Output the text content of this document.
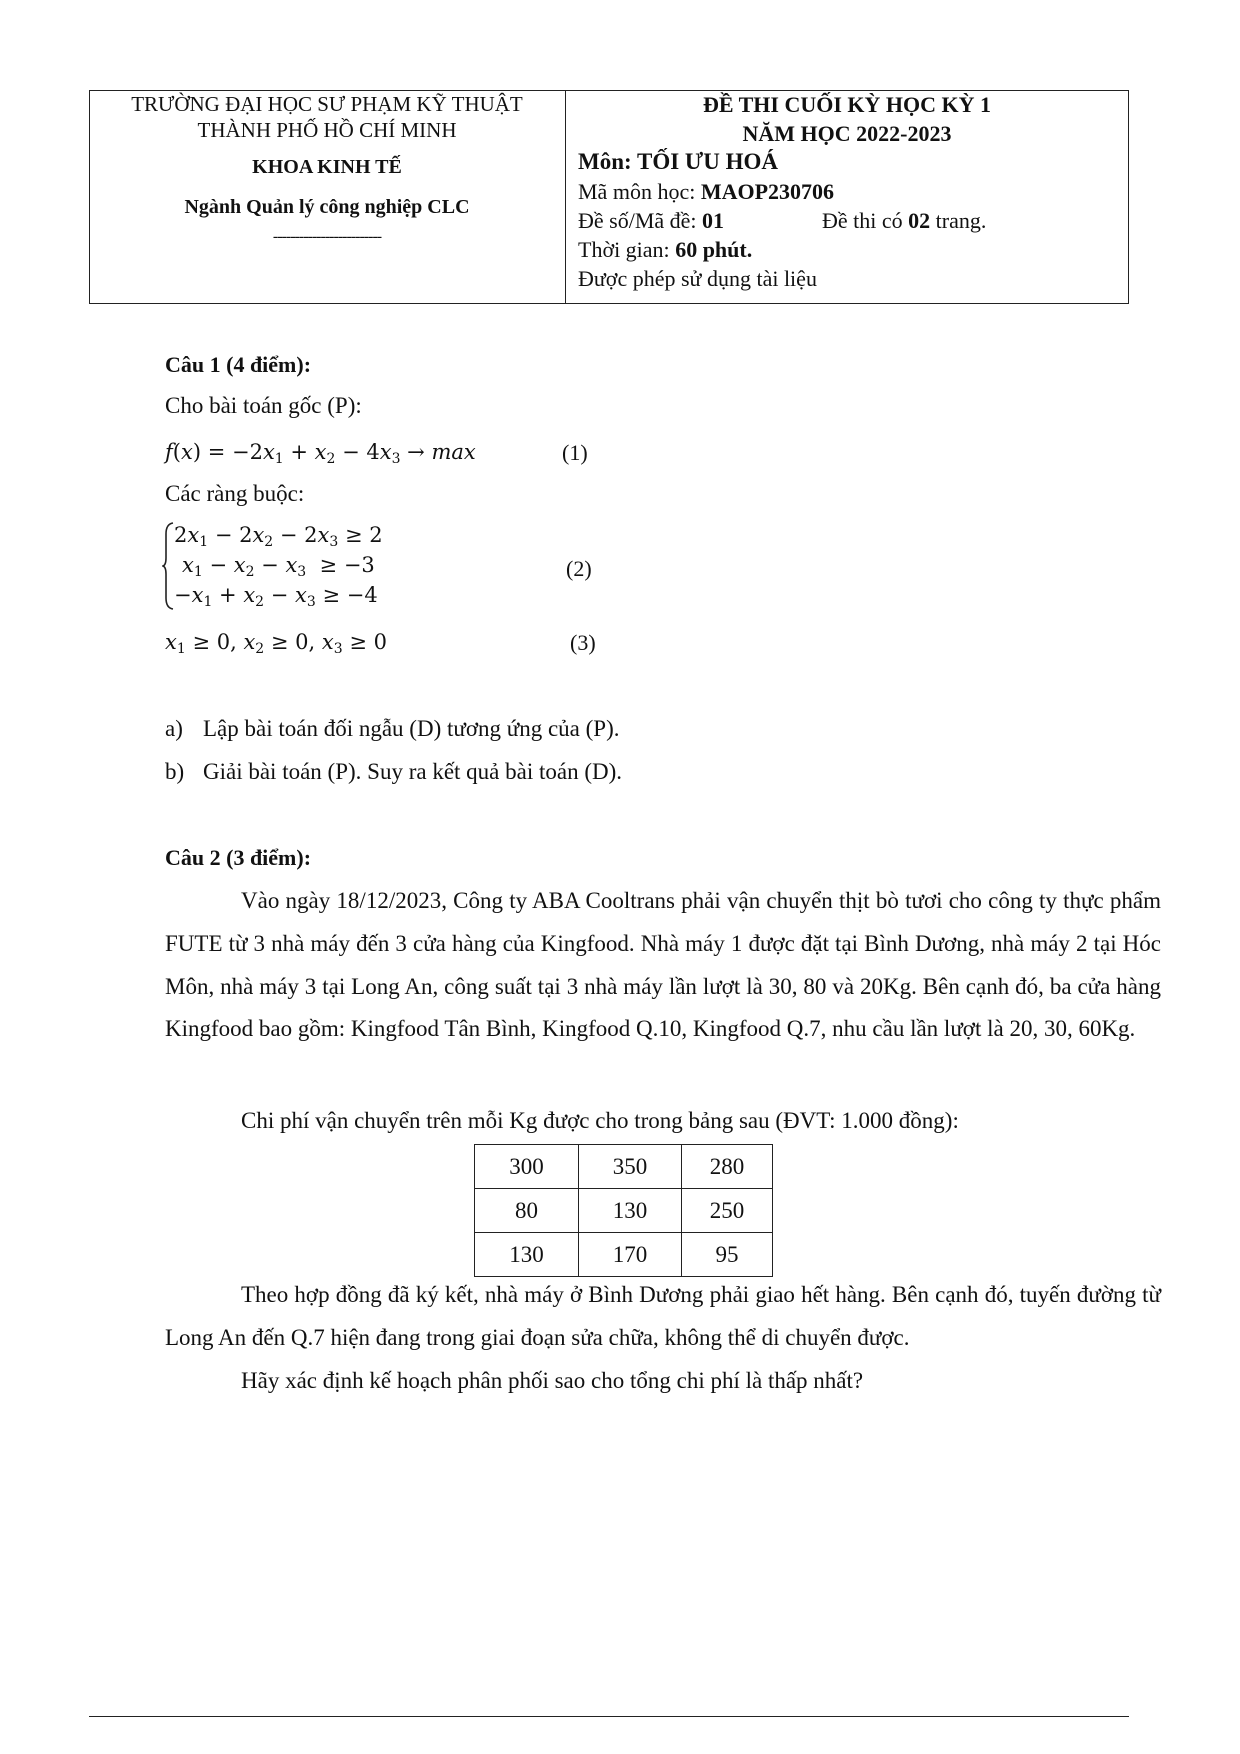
TRƯỜNG ĐẠI HỌC SƯ PHẠM KỸ THUẬT
THÀNH PHỐ HỒ CHÍ MINH
KHOA KINH TẾ
Ngành Quản lý công nghiệp CLC
-------------------------
ĐỀ THI CUỐI KỲ HỌC KỲ 1
NĂM HỌC 2022-2023
Môn: TỐI ƯU HOÁ
Mã môn học: MAOP230706
Đề số/Mã đề: 01	Đề thi có 02 trang.
Thời gian: 60 phút.
Được phép sử dụng tài liệu
Câu 1 (4 điểm):
Cho bài toán gốc (P):
$f(x) = -2x_1 + x_2 - 4x_3 \to \max$	(1)
Các ràng buộc:
$2x_1 - 2x_2 - 2x_3 \ge 2$
$x_1 - x_2 - x_3 \ge -3$
$-x_1 + x_2 - x_3 \ge -4$
(2)
$x_1 \ge 0$, $x_2 \ge 0$, $x_3 \ge 0$	(3)
a) Lập bài toán đối ngẫu (D) tương ứng của (P).
b) Giải bài toán (P). Suy ra kết quả bài toán (D).
Câu 2 (3 điểm):
Vào ngày 18/12/2023, Công ty ABA Cooltrans phải vận chuyển thịt bò tươi cho công ty thực phẩm FUTE từ 3 nhà máy đến 3 cửa hàng của Kingfood. Nhà máy 1 được đặt tại Bình Dương, nhà máy 2 tại Hóc Môn, nhà máy 3 tại Long An, công suất tại 3 nhà máy lần lượt là 30, 80 và 20Kg. Bên cạnh đó, ba cửa hàng Kingfood bao gồm: Kingfood Tân Bình, Kingfood Q.10, Kingfood Q.7, nhu cầu lần lượt là 20, 30, 60Kg.
Chi phí vận chuyển trên mỗi Kg được cho trong bảng sau (ĐVT: 1.000 đồng):
300	350	280
80	130	250
130	170	95
Theo hợp đồng đã ký kết, nhà máy ở Bình Dương phải giao hết hàng. Bên cạnh đó, tuyến đường từ Long An đến Q.7 hiện đang trong giai đoạn sửa chữa, không thể di chuyển được.
Hãy xác định kế hoạch phân phối sao cho tổng chi phí là thấp nhất?
